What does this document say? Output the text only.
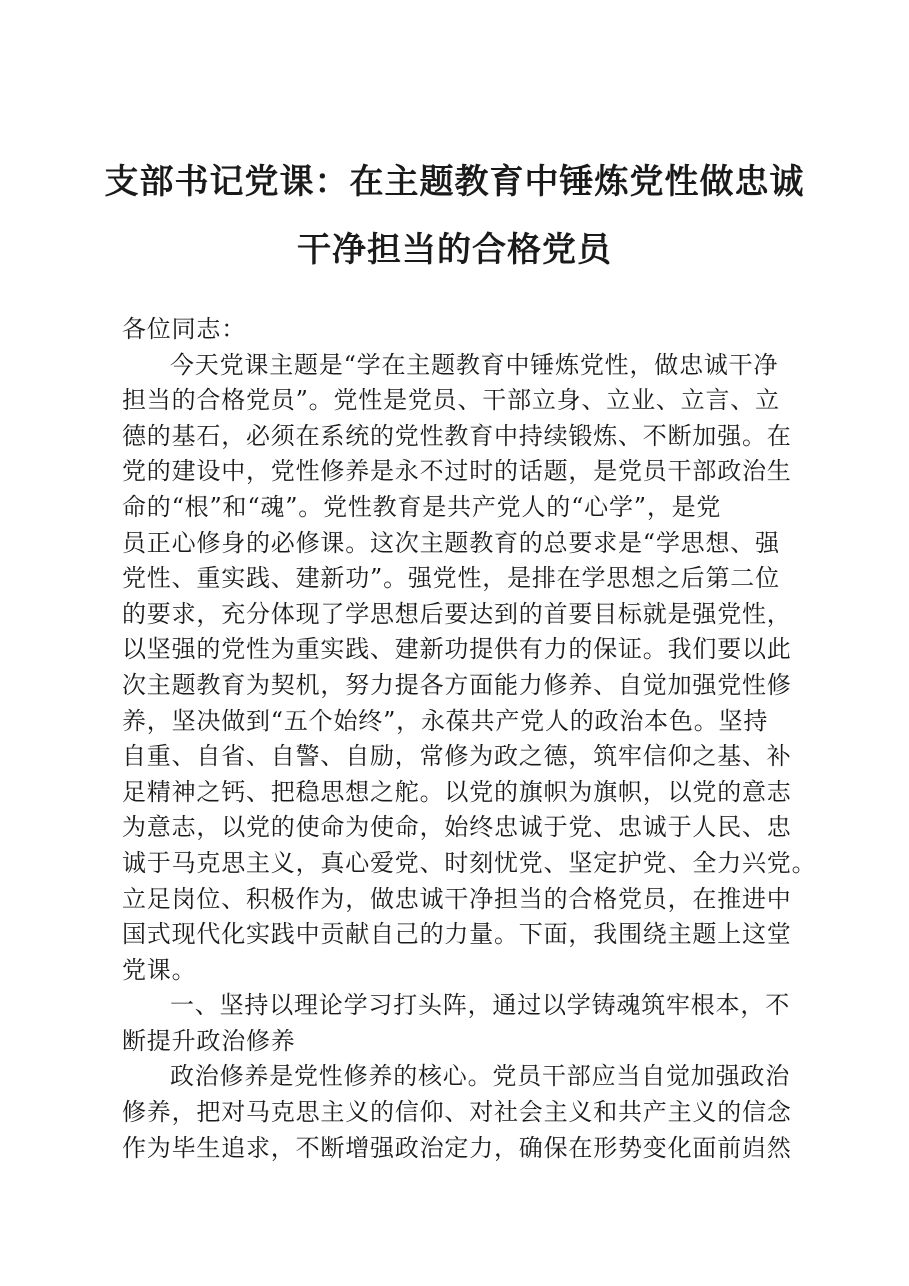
支部书记党课：在主题教育中锤炼党性做忠诚
干净担当的合格党员
各位同志：
今天党课主题是“学在主题教育中锤炼党性，做忠诚干净
担当的合格党员”。党性是党员、干部立身、立业、立言、立
德的基石，必须在系统的党性教育中持续锻炼、不断加强。在
党的建设中，党性修养是永不过时的话题，是党员干部政治生
命的“根”和“魂”。党性教育是共产党人的“心学”，是党
员正心修身的必修课。这次主题教育的总要求是“学思想、强
党性、重实践、建新功”。强党性，是排在学思想之后第二位
的要求，充分体现了学思想后要达到的首要目标就是强党性，
以坚强的党性为重实践、建新功提供有力的保证。我们要以此
次主题教育为契机，努力提各方面能力修养、自觉加强党性修
养，坚决做到“五个始终”，永葆共产党人的政治本色。坚持
自重、自省、自警、自励，常修为政之德，筑牢信仰之基、补
足精神之钙、把稳思想之舵。以党的旗帜为旗帜，以党的意志
为意志，以党的使命为使命，始终忠诚于党、忠诚于人民、忠
诚于马克思主义，真心爱党、时刻忧党、坚定护党、全力兴党。
立足岗位、积极作为，做忠诚干净担当的合格党员，在推进中
国式现代化实践中贡献自己的力量。下面，我围绕主题上这堂
党课。
一、坚持以理论学习打头阵，通过以学铸魂筑牢根本，不
断提升政治修养
政治修养是党性修养的核心。党员干部应当自觉加强政治
修养，把对马克思主义的信仰、对社会主义和共产主义的信念
作为毕生追求，不断增强政治定力，确保在形势变化面前岿然
